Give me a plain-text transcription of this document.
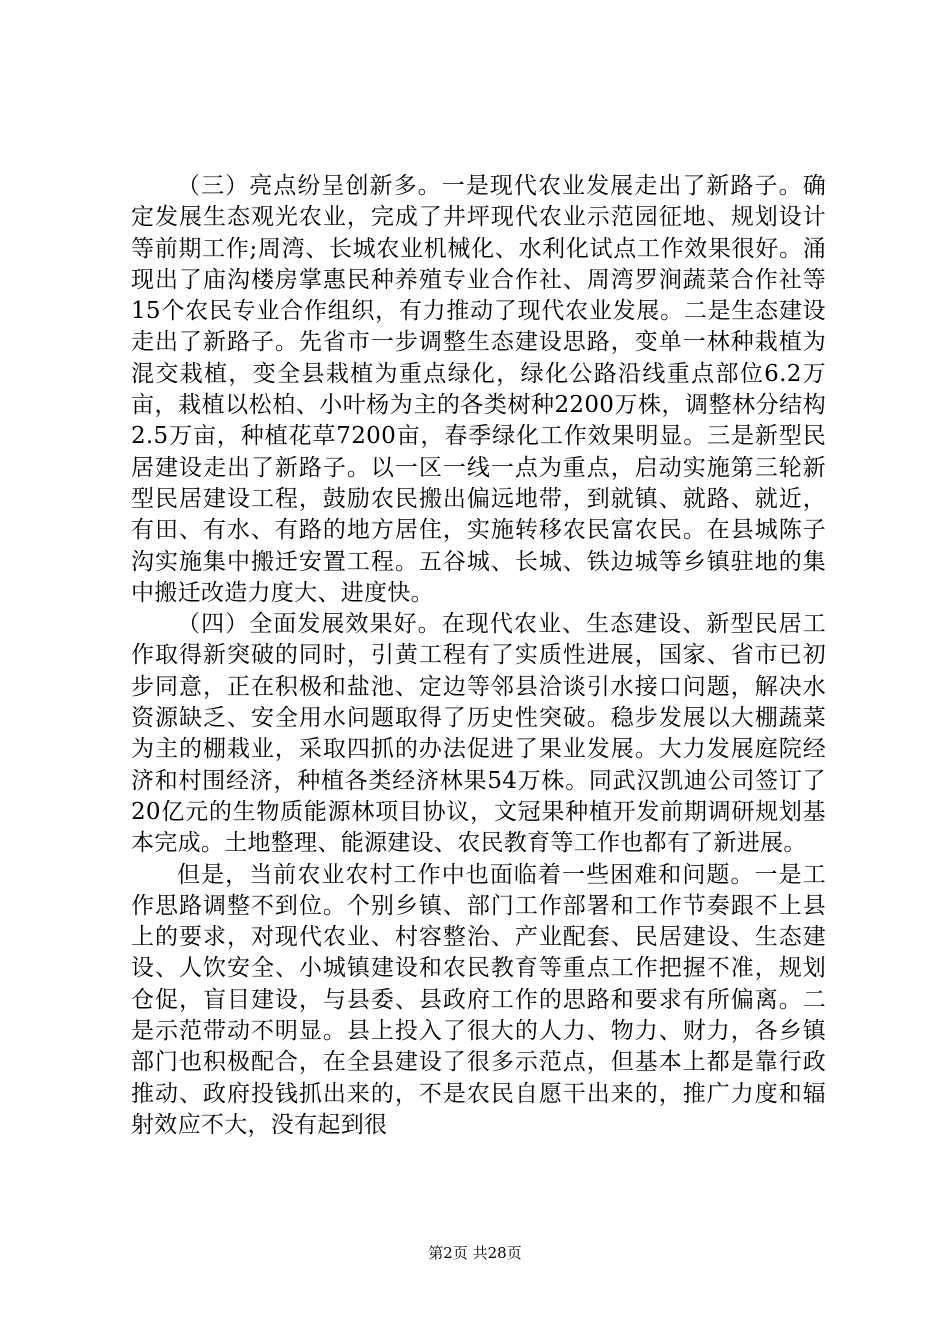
（三）亮点纷呈创新多。一是现代农业发展走出了新路子。确定发展生态观光农业，完成了井坪现代农业示范园征地、规划设计等前期工作;周湾、长城农业机械化、水利化试点工作效果很好。涌现出了庙沟楼房掌惠民种养殖专业合作社、周湾罗涧蔬菜合作社等15个农民专业合作组织，有力推动了现代农业发展。二是生态建设走出了新路子。先省市一步调整生态建设思路，变单一林种栽植为混交栽植，变全县栽植为重点绿化，绿化公路沿线重点部位6.2万亩，栽植以松柏、小叶杨为主的各类树种2200万株，调整林分结构2.5万亩，种植花草7200亩，春季绿化工作效果明显。三是新型民居建设走出了新路子。以一区一线一点为重点，启动实施第三轮新型民居建设工程，鼓励农民搬出偏远地带，到就镇、就路、就近，有田、有水、有路的地方居住，实施转移农民富农民。在县城陈子沟实施集中搬迁安置工程。五谷城、长城、铁边城等乡镇驻地的集中搬迁改造力度大、进度快。

（四）全面发展效果好。在现代农业、生态建设、新型民居工作取得新突破的同时，引黄工程有了实质性进展，国家、省市已初步同意，正在积极和盐池、定边等邻县洽谈引水接口问题，解决水资源缺乏、安全用水问题取得了历史性突破。稳步发展以大棚蔬菜为主的棚栽业，采取四抓的办法促进了果业发展。大力发展庭院经济和村围经济，种植各类经济林果54万株。同武汉凯迪公司签订了20亿元的生物质能源林项目协议，文冠果种植开发前期调研规划基本完成。土地整理、能源建设、农民教育等工作也都有了新进展。

但是，当前农业农村工作中也面临着一些困难和问题。一是工作思路调整不到位。个别乡镇、部门工作部署和工作节奏跟不上县上的要求，对现代农业、村容整治、产业配套、民居建设、生态建设、人饮安全、小城镇建设和农民教育等重点工作把握不准，规划仓促，盲目建设，与县委、县政府工作的思路和要求有所偏离。二是示范带动不明显。县上投入了很大的人力、物力、财力，各乡镇部门也积极配合，在全县建设了很多示范点，但基本上都是靠行政推动、政府投钱抓出来的，不是农民自愿干出来的，推广力度和辐射效应不大，没有起到很

第2页 共28页
